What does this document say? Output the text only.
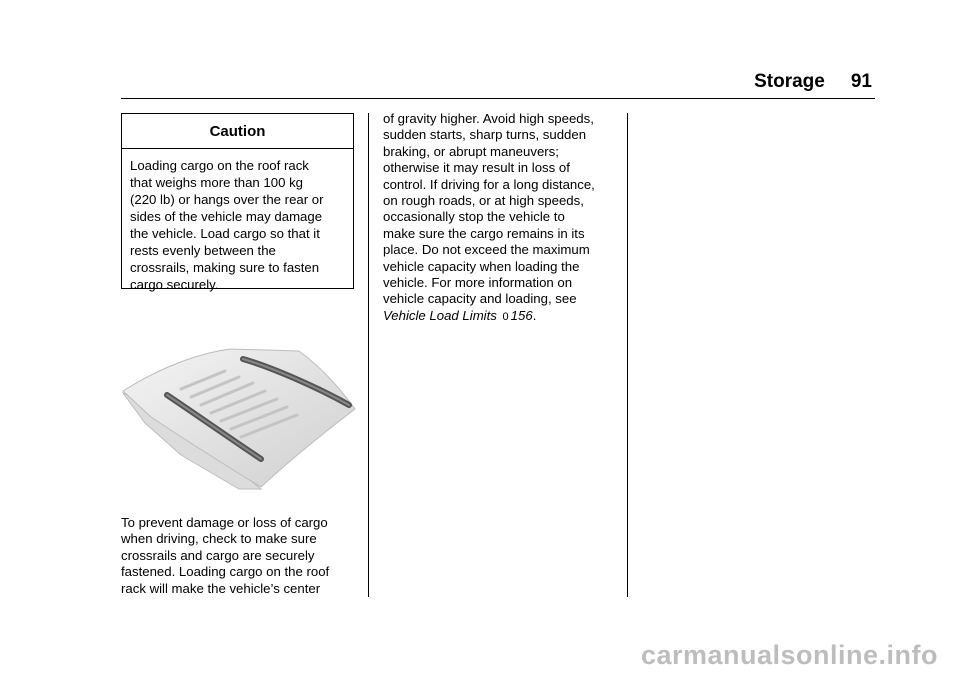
Storage 91
Caution
Loading cargo on the roof rack
that weighs more than 100 kg
(220 lb) or hangs over the rear or
sides of the vehicle may damage
the vehicle. Load cargo so that it
rests evenly between the
crossrails, making sure to fasten
cargo securely.
To prevent damage or loss of cargo
when driving, check to make sure
crossrails and cargo are securely
fastened. Loading cargo on the roof
rack will make the vehicle’s center
of gravity higher. Avoid high speeds,
sudden starts, sharp turns, sudden
braking, or abrupt maneuvers;
otherwise it may result in loss of
control. If driving for a long distance,
on rough roads, or at high speeds,
occasionally stop the vehicle to
make sure the cargo remains in its
place. Do not exceed the maximum
vehicle capacity when loading the
vehicle. For more information on
vehicle capacity and loading, see
Vehicle Load Limits 0 156.
carmanualsonline.info
